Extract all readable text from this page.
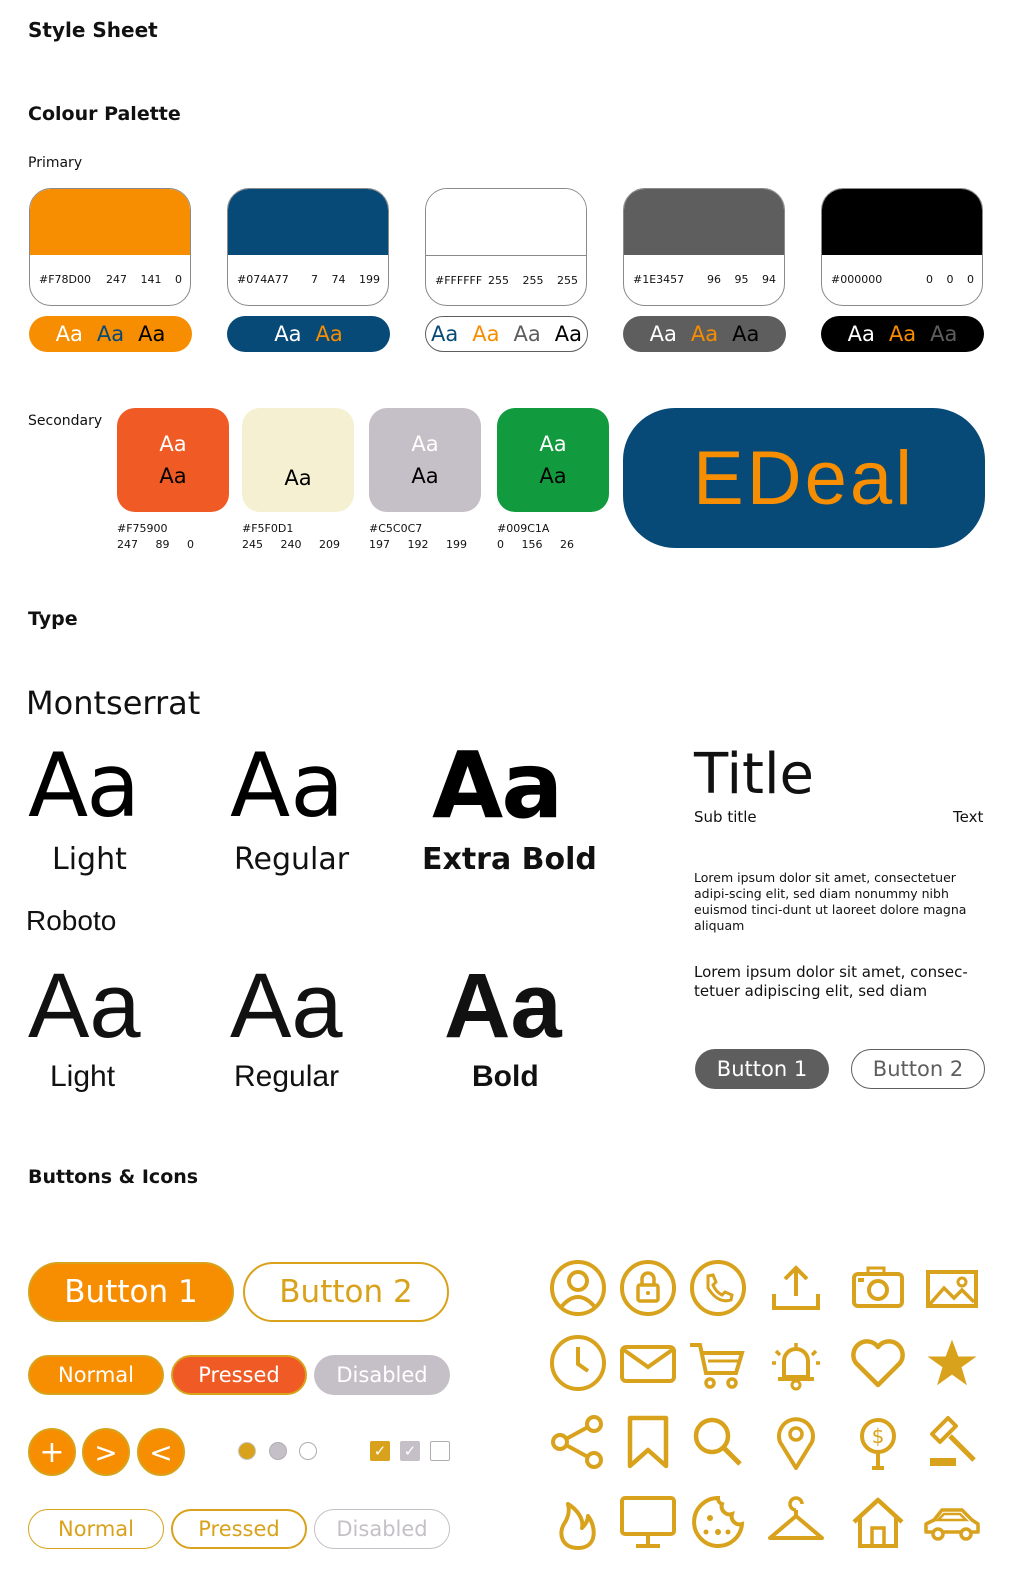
Style Sheet
Colour Palette
Primary
#F78D00 247 141 0
Aa Aa Aa
#074A77 7 74 199
Aa Aa
#FFFFFF 255 255 255
Aa Aa Aa Aa
#1E3457 96 95 94
Aa Aa Aa
#000000	0 0 0
Aa Aa Aa
Secondary
Aa
Aa
#F75900
247 89 0
Aa
#F5F0D1
245 240 209
Aa
Aa
#C5C0C7
197 192 199
Aa
Aa
#009C1A
0 156 26
EDeal
Type
Montserrat
Aa
Light
Aa
Regular
Aa
Extra Bold
Roboto
Aa
Light
Aa
Regular
Aa
Bold
Title
Sub title	Text
Lorem ipsum dolor sit amet, consectetuer adipi-scing elit, sed diam nonummy nibh euismod tinci-dunt ut laoreet dolore magna aliquam
Lorem ipsum dolor sit amet, consec-tetuer adipiscing elit, sed diam
Button 1	Button 2
Buttons & Icons
Button 1	Button 2
Normal	Pressed	Disabled
+	>	<	✓ ✓
Normal	Pressed	Disabled
$
